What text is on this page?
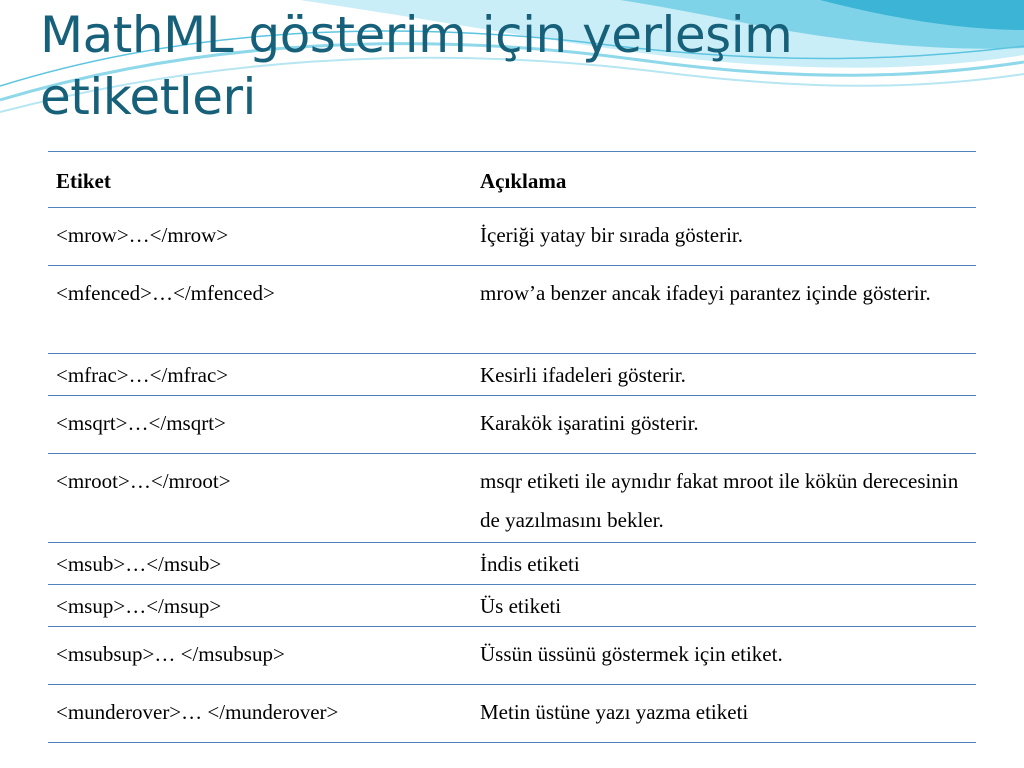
MathML gösterim için yerleşim etiketleri
Etiket	Açıklama
<mrow>…</mrow>	İçeriği yatay bir sırada gösterir.
<mfenced>…</mfenced>	mrow’a benzer ancak ifadeyi parantez içinde gösterir.
<mfrac>…</mfrac>	Kesirli ifadeleri gösterir.
<msqrt>…</msqrt>	Karakök işaratini gösterir.
<mroot>…</mroot>	msqr etiketi ile aynıdır fakat mroot ile kökün derecesinin de yazılmasını bekler.
<msub>…</msub>	İndis etiketi
<msup>…</msup>	Üs etiketi
<msubsup>… </msubsup>	Üssün üssünü göstermek için etiket.
<munderover>… </munderover>	Metin üstüne yazı yazma etiketi
